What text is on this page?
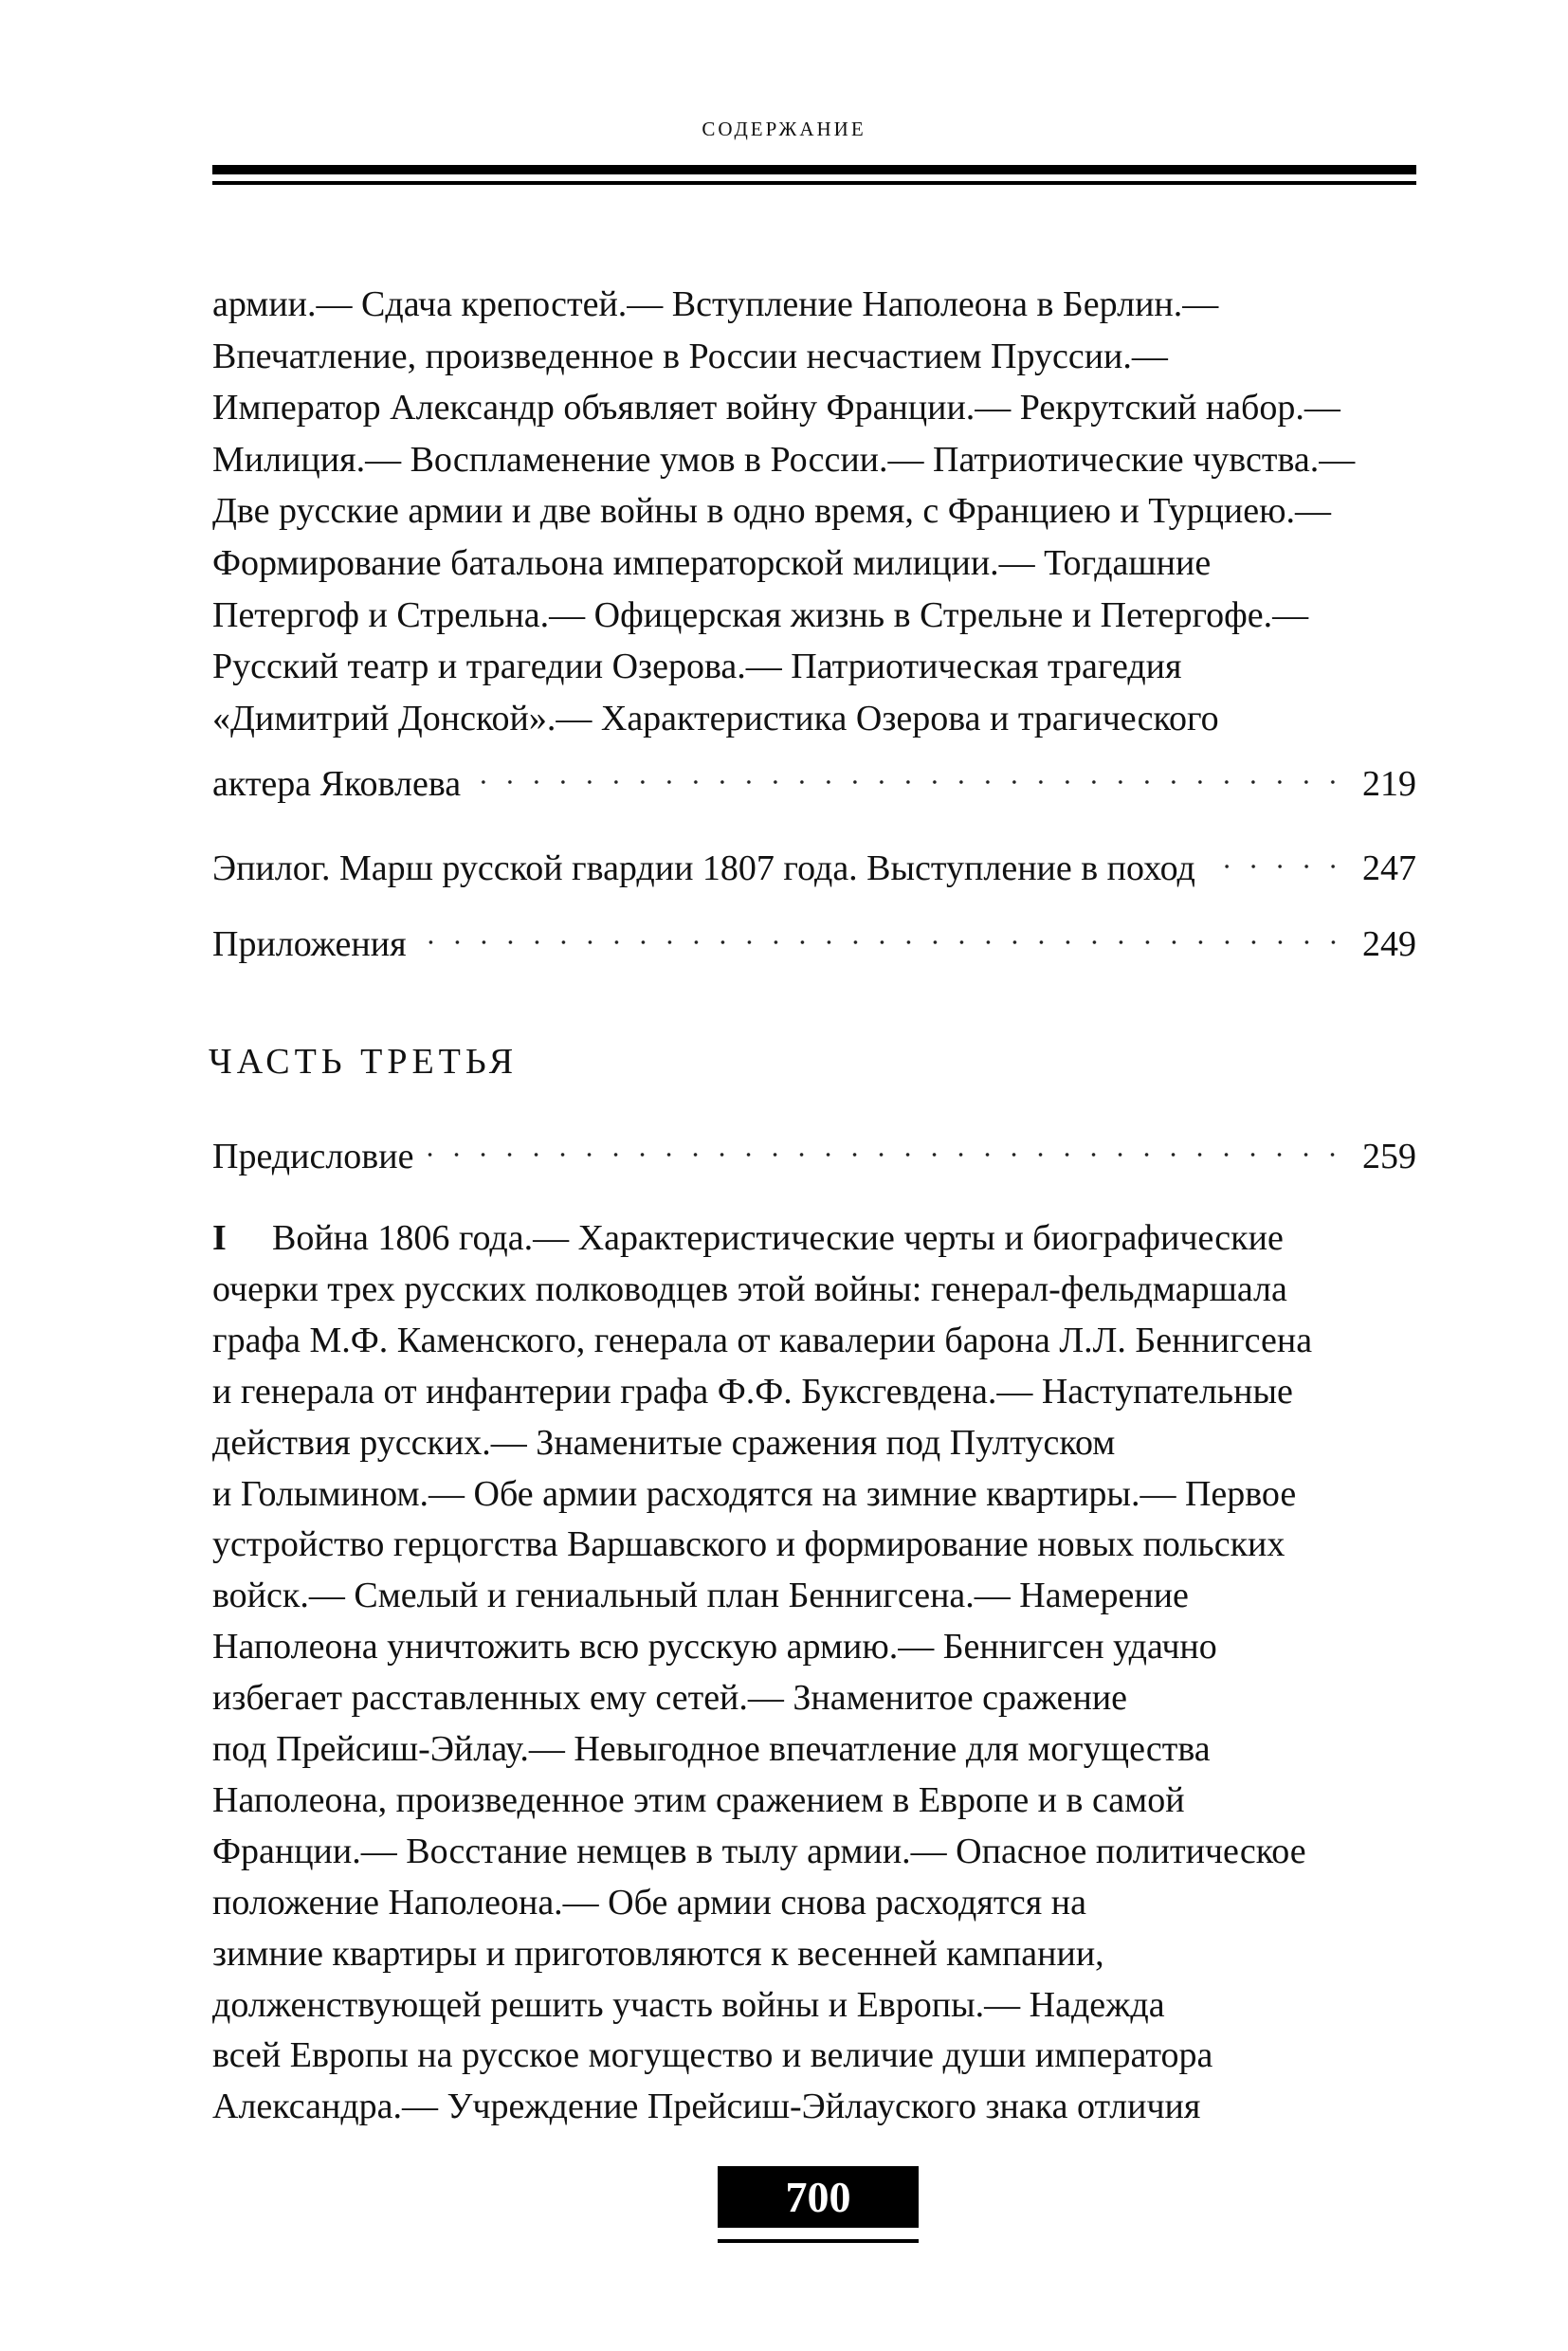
СОДЕРЖАНИЕ
армии.— Сдача крепостей.— Вступление Наполеона в Берлин.—
Впечатление, произведенное в России несчастием Пруссии.—
Император Александр объявляет войну Франции.— Рекрутский набор.—
Милиция.— Воспламенение умов в России.— Патриотические чувства.—
Две русские армии и две войны в одно время, с Франциею и Турциею.—
Формирование батальона императорской милиции.— Тогдашние
Петергоф и Стрельна.— Офицерская жизнь в Стрельне и Петергофе.—
Русский театр и трагедии Озерова.— Патриотическая трагедия
«Димитрий Донской».— Характеристика Озерова и трагического
актера Яковлева	219
Эпилог. Марш русской гвардии 1807 года. Выступление в поход	247
Приложения	249
ЧАСТЬ ТРЕТЬЯ
Предисловие	259
I Война 1806 года.— Характеристические черты и биографические
очерки трех русских полководцев этой войны: генерал-фельдмаршала
графа М.Ф. Каменского, генерала от кавалерии барона Л.Л. Беннигсена
и генерала от инфантерии графа Ф.Ф. Буксгевдена.— Наступательные
действия русских.— Знаменитые сражения под Пултуском
и Голымином.— Обе армии расходятся на зимние квартиры.— Первое
устройство герцогства Варшавского и формирование новых польских
войск.— Смелый и гениальный план Беннигсена.— Намерение
Наполеона уничтожить всю русскую армию.— Беннигсен удачно
избегает расставленных ему сетей.— Знаменитое сражение
под Прейсиш-Эйлау.— Невыгодное впечатление для могущества
Наполеона, произведенное этим сражением в Европе и в самой
Франции.— Восстание немцев в тылу армии.— Опасное политическое
положение Наполеона.— Обе армии снова расходятся на
зимние квартиры и приготовляются к весенней кампании,
долженствующей решить участь войны и Европы.— Надежда
всей Европы на русское могущество и величие души императора
Александра.— Учреждение Прейсиш-Эйлауского знака отличия
700
